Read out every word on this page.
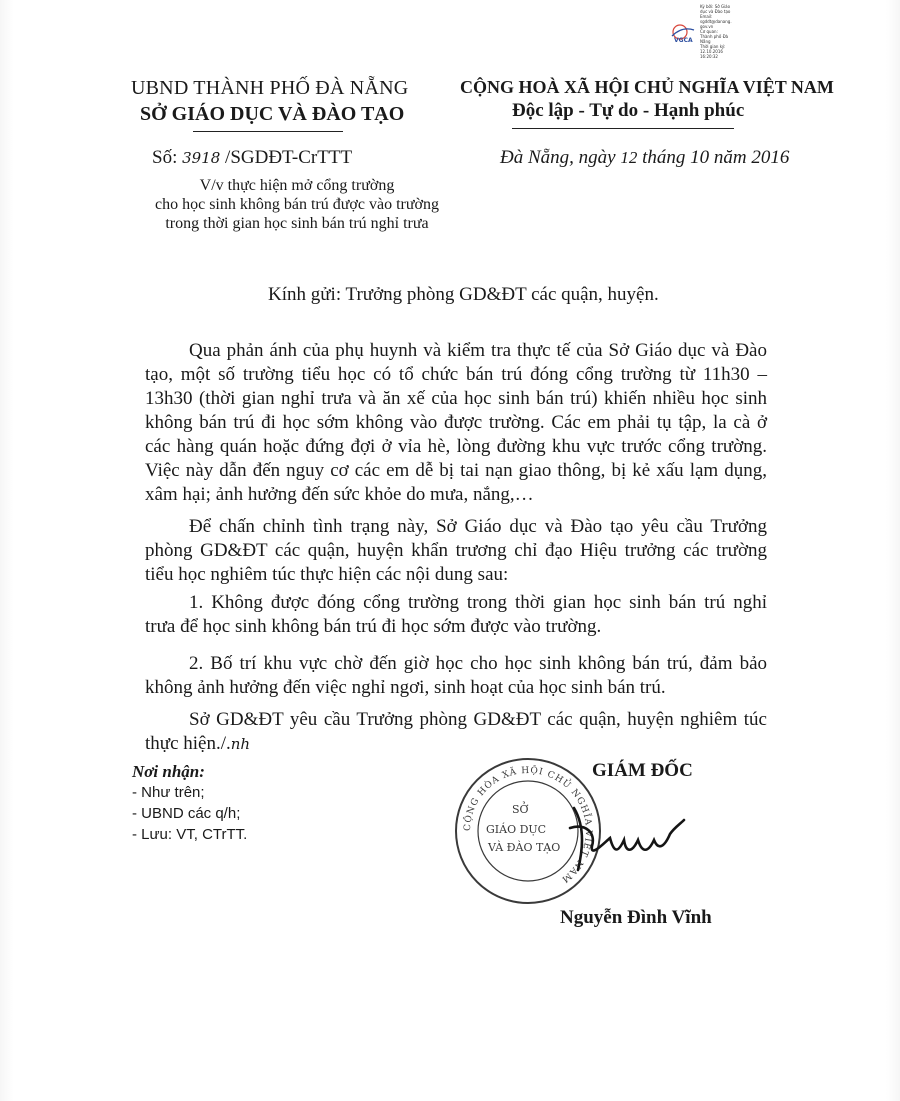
VGCA
Ký bởi: Sở Giáo
dục và Đào tạo
Email:
sgddt@danang.
gov.vn
Cơ quan:
Thành phố Đà
Nẵng
Thời gian ký:
12.10.2016
16:20:32
UBND THÀNH PHỐ ĐÀ NẴNG
SỞ GIÁO DỤC VÀ ĐÀO TẠO
CỘNG HOÀ XÃ HỘI CHỦ NGHĨA VIỆT NAM
Độc lập - Tự do - Hạnh phúc
Số: 3918 /SGDĐT-CrTTT	Đà Nẵng, ngày 12 tháng 10 năm 2016
V/v thực hiện mở cổng trường
cho học sinh không bán trú được vào trường
trong thời gian học sinh bán trú nghỉ trưa
Kính gửi: Trưởng phòng GD&ĐT các quận, huyện.
Qua phản ánh của phụ huynh và kiểm tra thực tế của Sở Giáo dục và Đào
tạo, một số trường tiểu học có tổ chức bán trú đóng cổng trường từ 11h30 –
13h30 (thời gian nghỉ trưa và ăn xế của học sinh bán trú) khiến nhiều học sinh
không bán trú đi học sớm không vào được trường. Các em phải tụ tập, la cà ở
các hàng quán hoặc đứng đợi ở vỉa hè, lòng đường khu vực trước cổng trường.
Việc này dẫn đến nguy cơ các em dễ bị tai nạn giao thông, bị kẻ xấu lạm dụng,
xâm hại; ảnh hưởng đến sức khỏe do mưa, nắng,…
Để chấn chỉnh tình trạng này, Sở Giáo dục và Đào tạo yêu cầu Trưởng
phòng GD&ĐT các quận, huyện khẩn trương chỉ đạo Hiệu trưởng các trường
tiểu học nghiêm túc thực hiện các nội dung sau:
1. Không được đóng cổng trường trong thời gian học sinh bán trú nghỉ
trưa để học sinh không bán trú đi học sớm được vào trường.
2. Bố trí khu vực chờ đến giờ học cho học sinh không bán trú, đảm bảo
không ảnh hưởng đến việc nghỉ ngơi, sinh hoạt của học sinh bán trú.
Sở GD&ĐT yêu cầu Trưởng phòng GD&ĐT các quận, huyện nghiêm túc
thực hiện./.nh
Nơi nhận:
- Như trên;
- UBND các q/h;
- Lưu: VT, CTrTT.
GIÁM ĐỐC
CỘNG HÒA XÃ HỘI CHỦ NGHĨA VIỆT NAM
SỞ
GIÁO DỤC
VÀ ĐÀO TẠO
Nguyễn Đình Vĩnh
